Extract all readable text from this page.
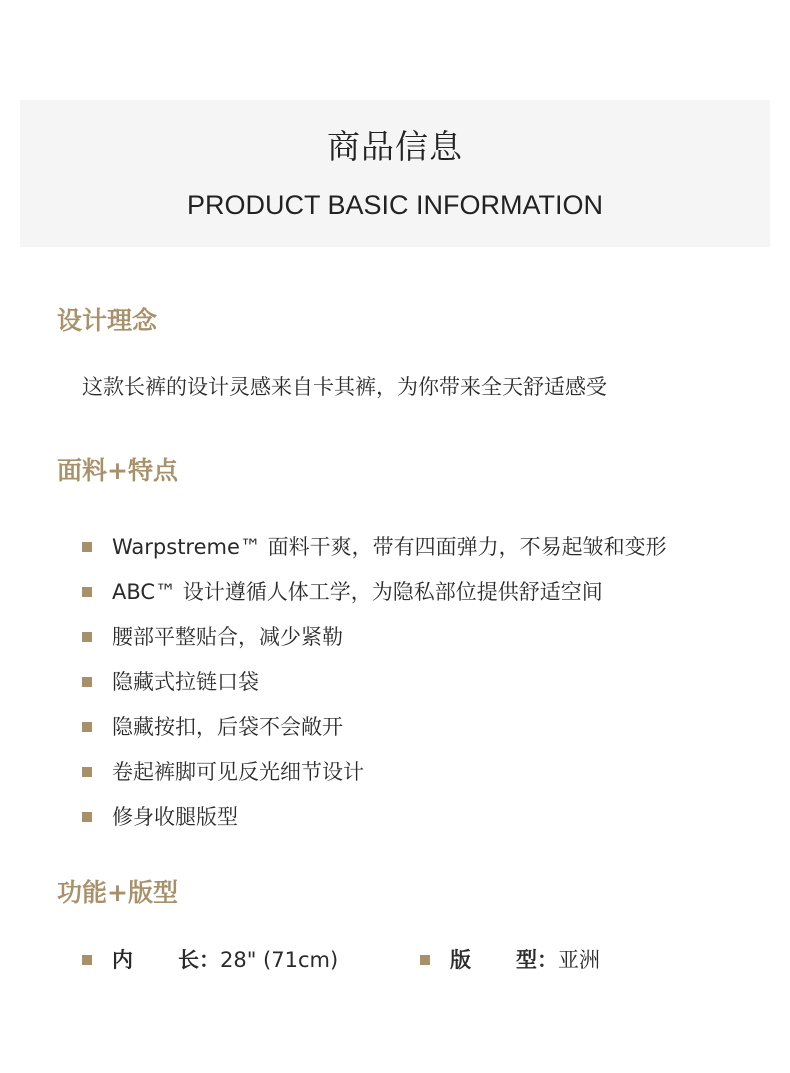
商品信息
PRODUCT BASIC INFORMATION
设计理念
这款长裤的设计灵感来自卡其裤，为你带来全天舒适感受
面料+特点
Warpstreme™ 面料干爽，带有四面弹力，不易起皱和变形
ABC™ 设计遵循人体工学，为隐私部位提供舒适空间
腰部平整贴合，减少紧勒
隐藏式拉链口袋
隐藏按扣，后袋不会敞开
卷起裤脚可见反光细节设计
修身收腿版型
功能+版型
内 长： 28" (71cm)	版 型： 亚洲
